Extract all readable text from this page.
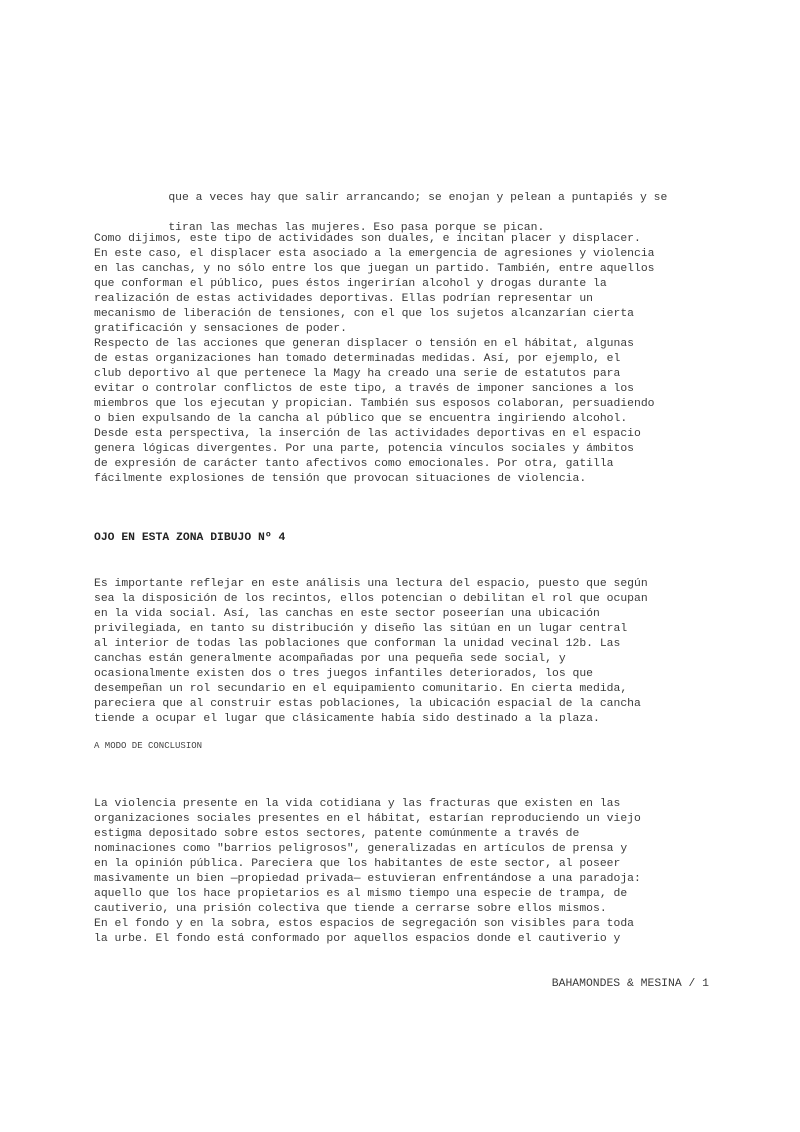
que a veces hay que salir arrancando; se enojan y pelean a puntapiés y se

tiran las mechas las mujeres. Eso pasa porque se pican.

Como dijimos, este tipo de actividades son duales, e incitan placer y displacer.
En este caso, el displacer esta asociado a la emergencia de agresiones y violencia
en las canchas, y no sólo entre los que juegan un partido. También, entre aquellos
que conforman el público, pues éstos ingerirían alcohol y drogas durante la
realización de estas actividades deportivas. Ellas podrían representar un
mecanismo de liberación de tensiones, con el que los sujetos alcanzarían cierta
gratificación y sensaciones de poder.
Respecto de las acciones que generan displacer o tensión en el hábitat, algunas
de estas organizaciones han tomado determinadas medidas. Así, por ejemplo, el
club deportivo al que pertenece la Magy ha creado una serie de estatutos para
evitar o controlar conflictos de este tipo, a través de imponer sanciones a los
miembros que los ejecutan y propician. También sus esposos colaboran, persuadiendo
o bien expulsando de la cancha al público que se encuentra ingiriendo alcohol.
Desde esta perspectiva, la inserción de las actividades deportivas en el espacio
genera lógicas divergentes. Por una parte, potencia vínculos sociales y ámbitos
de expresión de carácter tanto afectivos como emocionales. Por otra, gatilla
fácilmente explosiones de tensión que provocan situaciones de violencia.
OJO EN ESTA ZONA DIBUJO Nº 4
Es importante reflejar en este análisis una lectura del espacio, puesto que según
sea la disposición de los recintos, ellos potencian o debilitan el rol que ocupan
en la vida social. Así, las canchas en este sector poseerían una ubicación
privilegiada, en tanto su distribución y diseño las sitúan en un lugar central
al interior de todas las poblaciones que conforman la unidad vecinal 12b. Las
canchas están generalmente acompañadas por una pequeña sede social, y
ocasionalmente existen dos o tres juegos infantiles deteriorados, los que
desempeñan un rol secundario en el equipamiento comunitario. En cierta medida,
pareciera que al construir estas poblaciones, la ubicación espacial de la cancha
tiende a ocupar el lugar que clásicamente había sido destinado a la plaza.
A MODO DE CONCLUSION
La violencia presente en la vida cotidiana y las fracturas que existen en las
organizaciones sociales presentes en el hábitat, estarían reproduciendo un viejo
estigma depositado sobre estos sectores, patente comúnmente a través de
nominaciones como "barrios peligrosos", generalizadas en artículos de prensa y
en la opinión pública. Pareciera que los habitantes de este sector, al poseer
masivamente un bien —propiedad privada— estuvieran enfrentándose a una paradoja:
aquello que los hace propietarios es al mismo tiempo una especie de trampa, de
cautiverio, una prisión colectiva que tiende a cerrarse sobre ellos mismos.
En el fondo y en la sobra, estos espacios de segregación son visibles para toda
la urbe. El fondo está conformado por aquellos espacios donde el cautiverio y
BAHAMONDES & MESINA / 1
